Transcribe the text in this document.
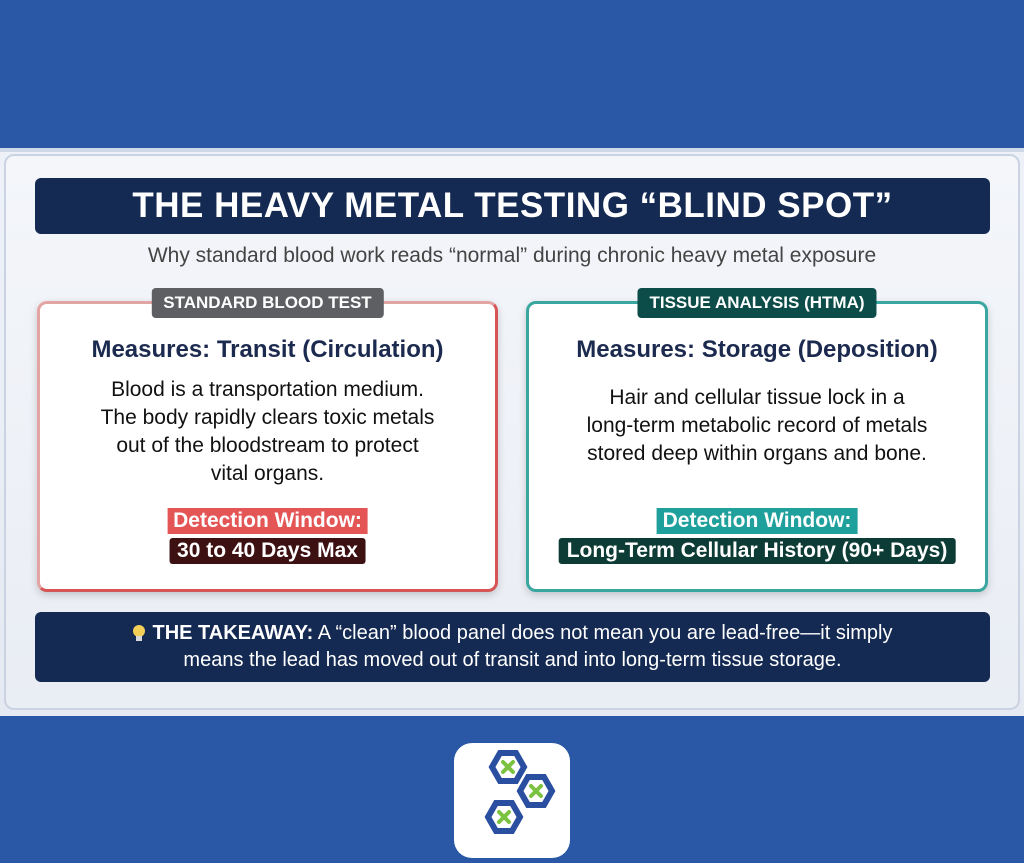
THE HEAVY METAL TESTING “BLIND SPOT”
Why standard blood work reads “normal” during chronic heavy metal exposure
STANDARD BLOOD TEST
Measures: Transit (Circulation)
Blood is a transportation medium.
The body rapidly clears toxic metals
out of the bloodstream to protect
vital organs.
Detection Window:
30 to 40 Days Max
TISSUE ANALYSIS (HTMA)
Measures: Storage (Deposition)
Hair and cellular tissue lock in a
long-term metabolic record of metals
stored deep within organs and bone.
Detection Window:
Long-Term Cellular History (90+ Days)
THE TAKEAWAY: A “clean” blood panel does not mean you are lead-free—it simply
means the lead has moved out of transit and into long-term tissue storage.
